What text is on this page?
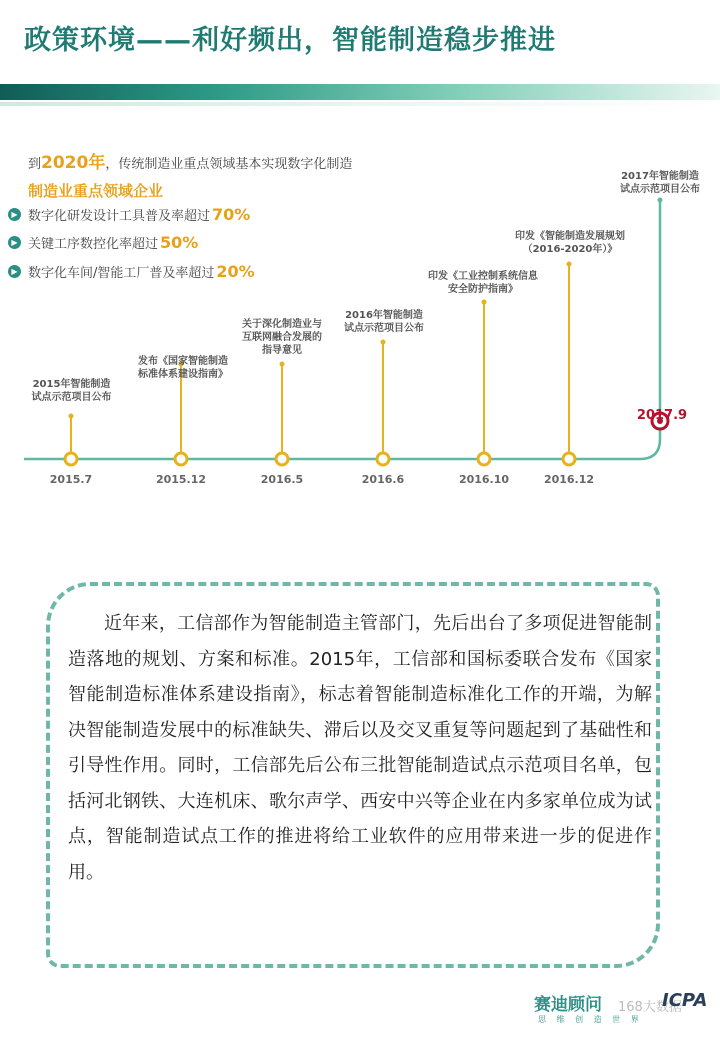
政策环境——利好频出，智能制造稳步推进
到2020年，传统制造业重点领域基本实现数字化制造
制造业重点领域企业
▶ 数字化研发设计工具普及率超过 70%
▶ 关键工序数控化率超过 50%
▶ 数字化车间/智能工厂普及率超过 20%
2015年智能制造
试点示范项目公布
发布《国家智能制造
标准体系建设指南》
关于深化制造业与
互联网融合发展的
指导意见
2016年智能制造
试点示范项目公布
印发《工业控制系统信息
安全防护指南》
印发《智能制造发展规划
（2016-2020年）》
2017年智能制造
试点示范项目公布
2015.7	2015.12	2016.5	2016.6	2016.10	2016.12
2017.9
近年来，工信部作为智能制造主管部门，先后出台了多项促进智能制造落地的规划、方案和标准。2015年，工信部和国标委联合发布《国家智能制造标准体系建设指南》，标志着智能制造标准化工作的开端，为解决智能制造发展中的标准缺失、滞后以及交叉重复等问题起到了基础性和引导性作用。同时，工信部先后公布三批智能制造试点示范项目名单，包括河北钢铁、大连机床、歌尔声学、西安中兴等企业在内多家单位成为试点，智能制造试点工作的推进将给工业软件的应用带来进一步的促进作用。
赛迪顾问
思 维 创 造 世 界
168大数据
ICPA
